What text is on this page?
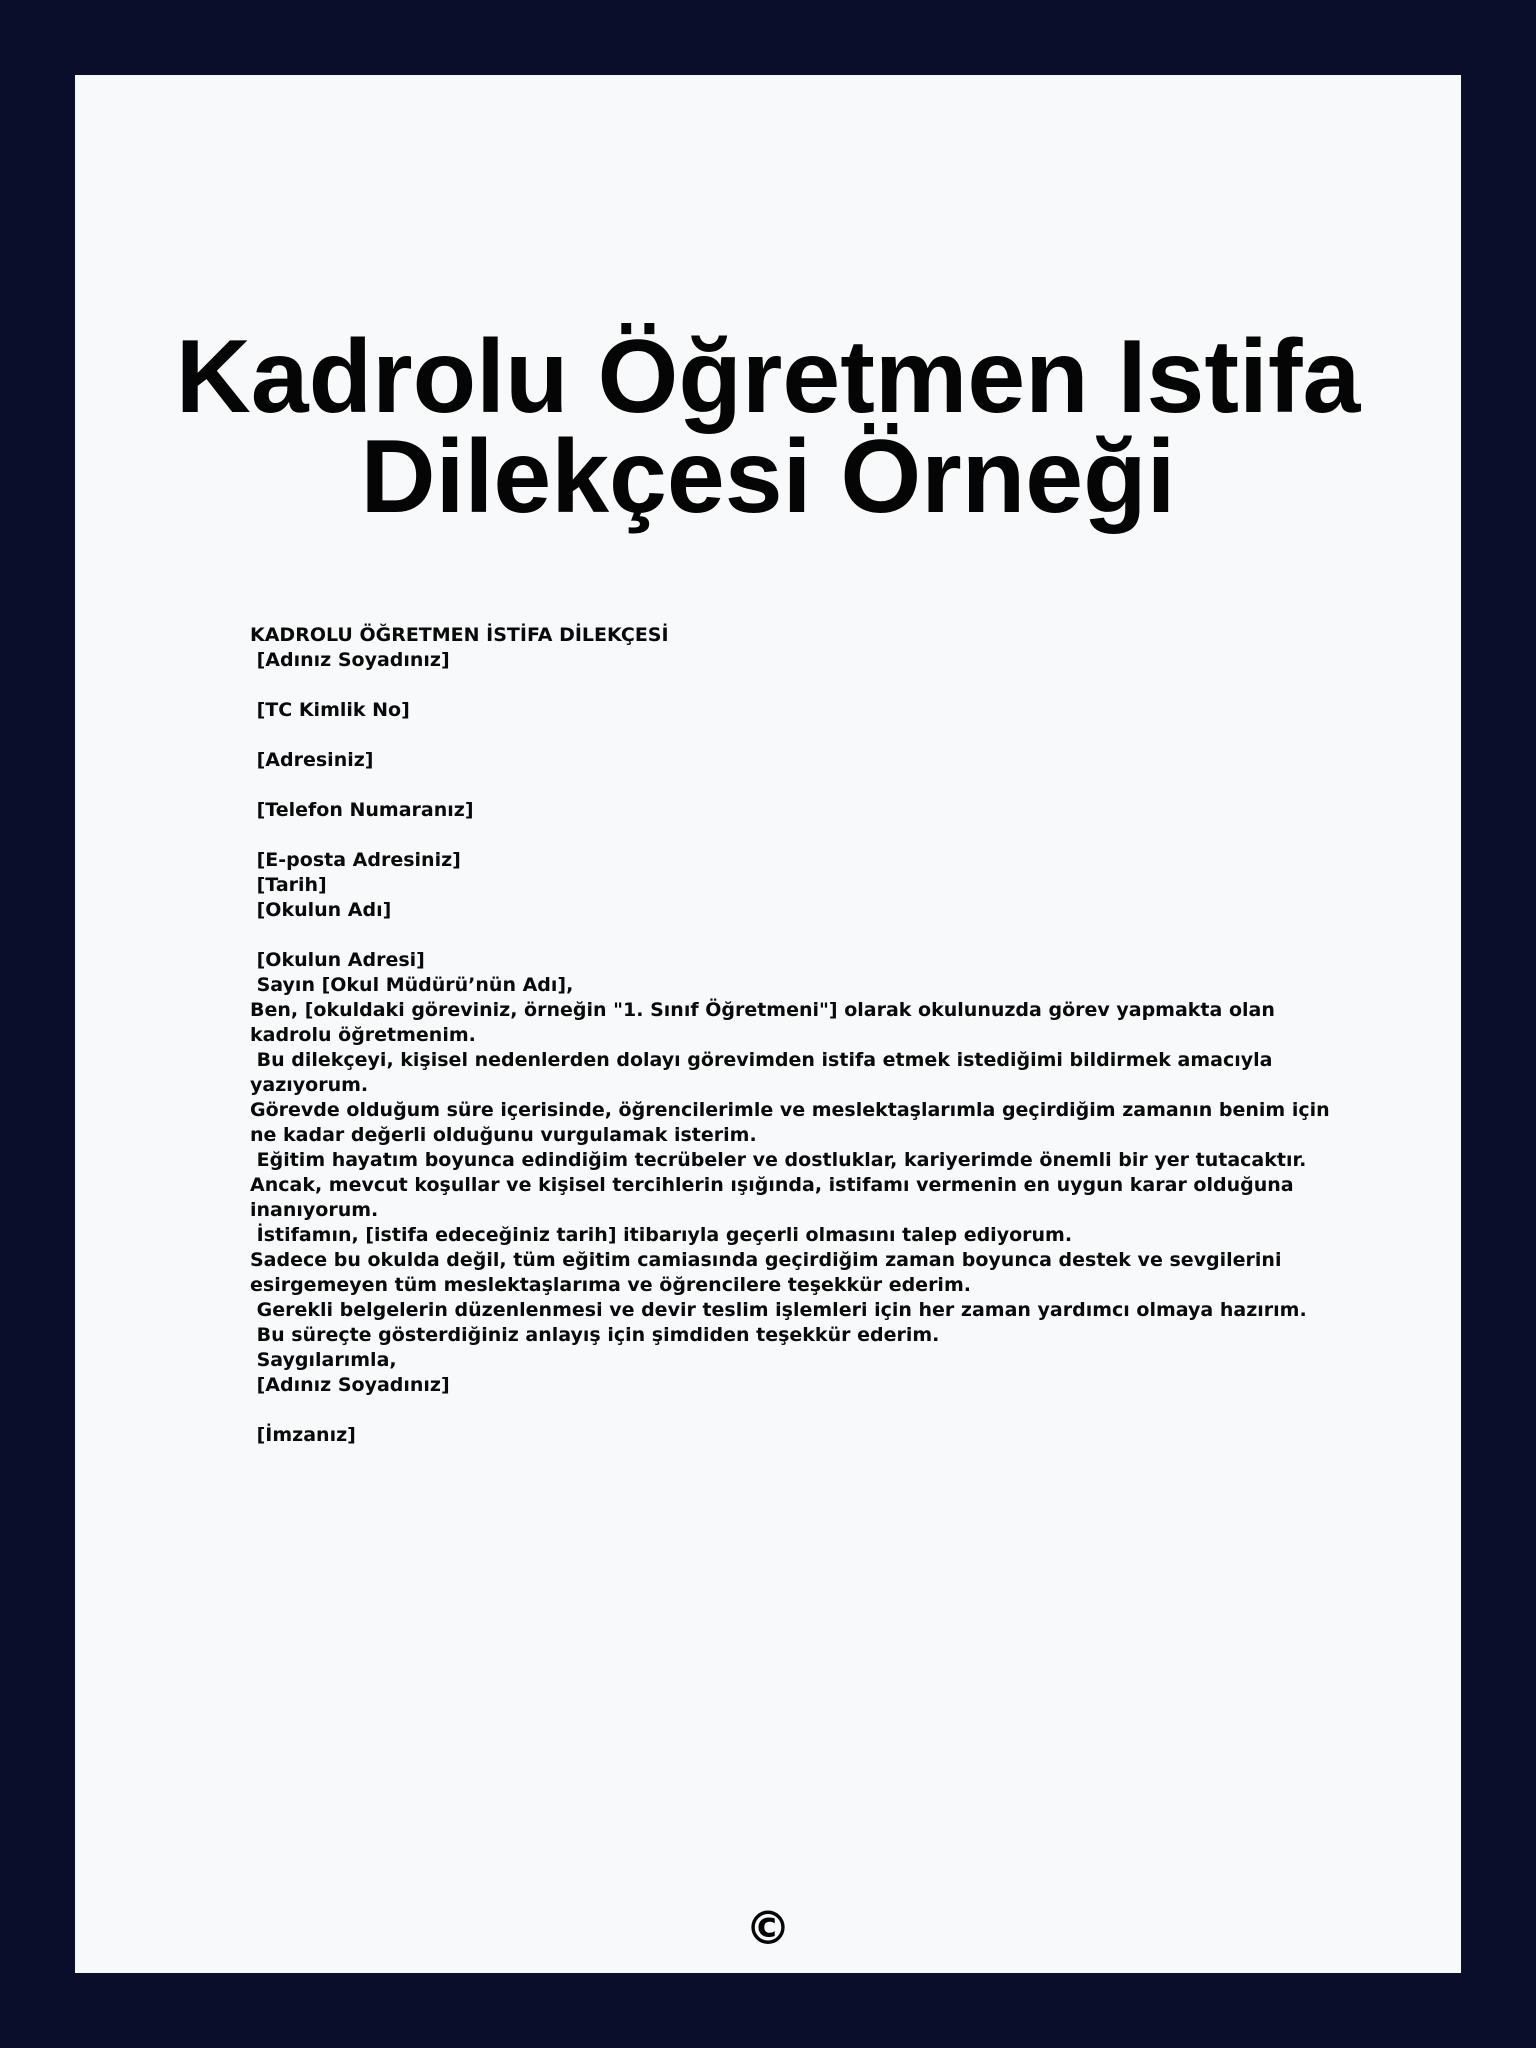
Kadrolu Öğretmen Istifa
Dilekçesi Örneği
KADROLU ÖĞRETMEN İSTİFA DİLEKÇESİ
[Adınız Soyadınız]
[TC Kimlik No]
[Adresiniz]
[Telefon Numaranız]
[E-posta Adresiniz]
[Tarih]
[Okulun Adı]
[Okulun Adresi]
Sayın [Okul Müdürü’nün Adı],
Ben, [okuldaki göreviniz, örneğin "1. Sınıf Öğretmeni"] olarak okulunuzda görev yapmakta olan kadrolu öğretmenim.
Bu dilekçeyi, kişisel nedenlerden dolayı görevimden istifa etmek istediğimi bildirmek amacıyla yazıyorum.
Görevde olduğum süre içerisinde, öğrencilerimle ve meslektaşlarımla geçirdiğim zamanın benim için ne kadar değerli olduğunu vurgulamak isterim.
Eğitim hayatım boyunca edindiğim tecrübeler ve dostluklar, kariyerimde önemli bir yer tutacaktır.
Ancak, mevcut koşullar ve kişisel tercihlerin ışığında, istifamı vermenin en uygun karar olduğuna inanıyorum.
İstifamın, [istifa edeceğiniz tarih] itibarıyla geçerli olmasını talep ediyorum.
Sadece bu okulda değil, tüm eğitim camiasında geçirdiğim zaman boyunca destek ve sevgilerini esirgemeyen tüm meslektaşlarıma ve öğrencilere teşekkür ederim.
Gerekli belgelerin düzenlenmesi ve devir teslim işlemleri için her zaman yardımcı olmaya hazırım.
Bu süreçte gösterdiğiniz anlayış için şimdiden teşekkür ederim.
Saygılarımla,
[Adınız Soyadınız]
[İmzanız]
©
